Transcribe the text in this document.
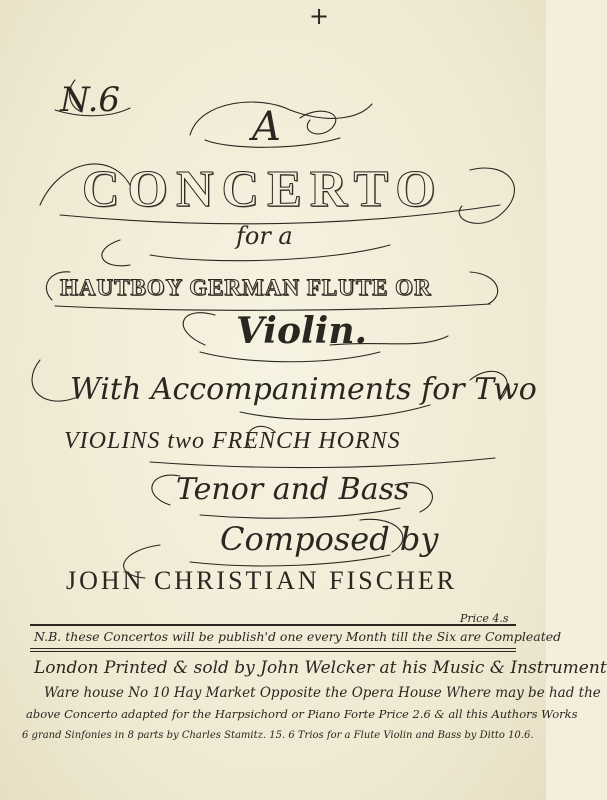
+
N.6
A
CONCERTO
for a
HAUTBOY GERMAN FLUTE OR
Violin.
With Accompaniments for Two
VIOLINS two FRENCH HORNS
Tenor and Bass
Composed by
JOHN CHRISTIAN FISCHER
Price 4.s
N.B. these Concertos will be publish'd one every Month till the Six are Compleated
London Printed & sold by John Welcker at his Music & Instrument
Ware house No 10 Hay Market Opposite the Opera House Where may be had the
above Concerto adapted for the Harpsichord or Piano Forte Price 2.6 & all this Authors Works
6 grand Sinfonies in 8 parts by Charles Stamitz. 15. 6 Trios for a Flute Violin and Bass by Ditto 10.6.
